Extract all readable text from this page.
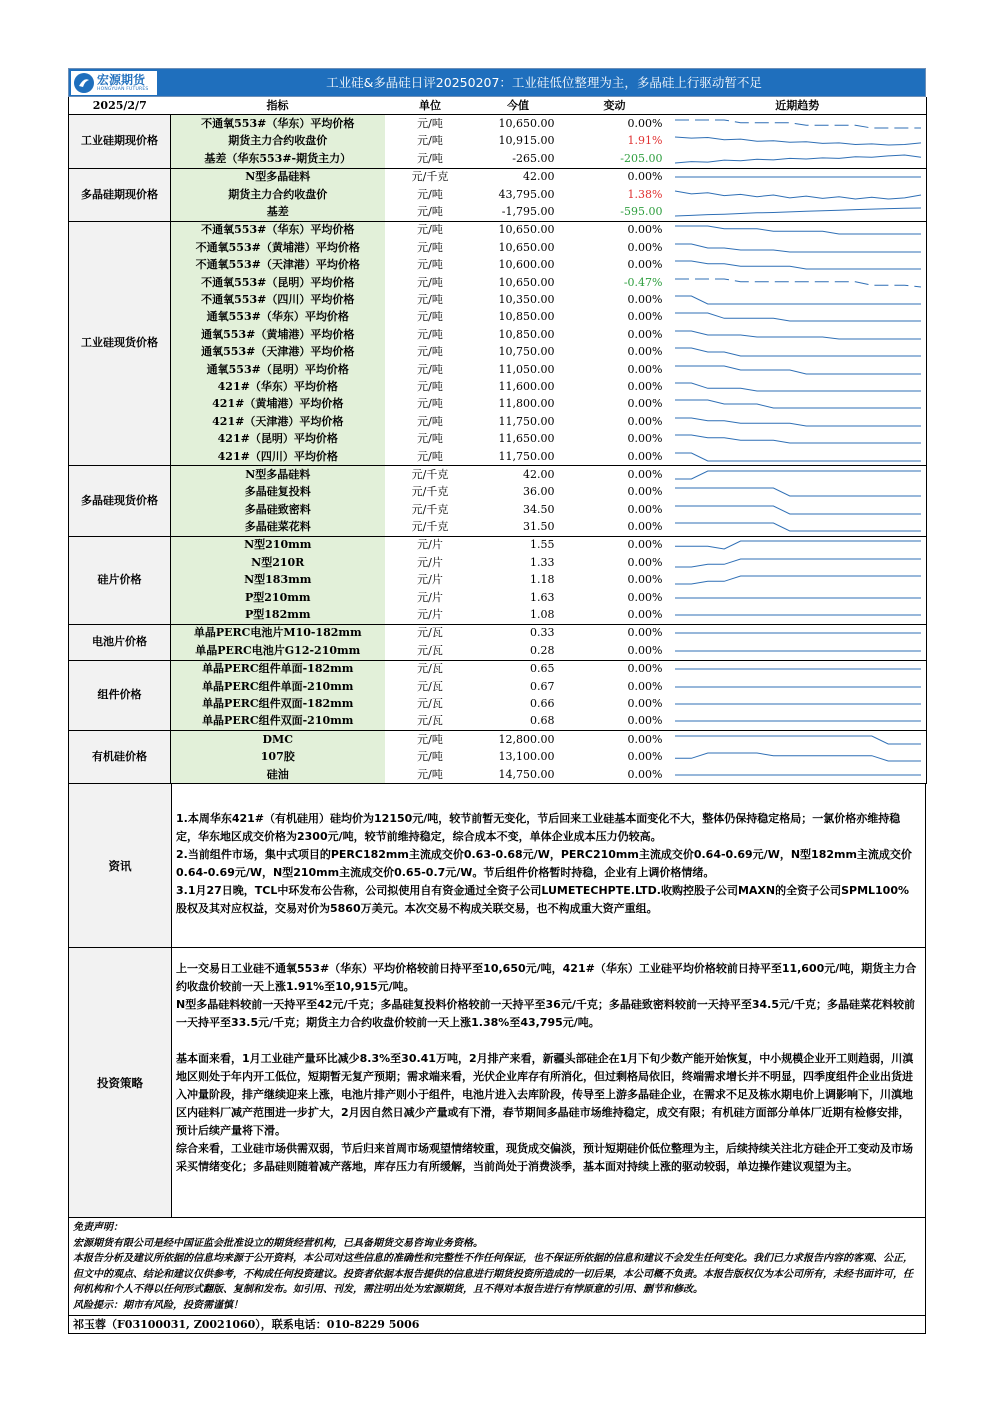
宏源期货
HONGYUAN FUTURES	工业硅&多晶硅日评20250207：工业硅低位整理为主，多晶硅上行驱动暂不足
2025/2/7	指标	单位	今值	变动	近期趋势
工业硅期现价格	不通氧553#（华东）平均价格	元/吨	10,650.00	0.00%	

	期货主力合约收盘价	元/吨	10,915.00	1.91%	

	基差（华东553#-期货主力）	元/吨	-265.00	-205.00	

多晶硅期现价格	N型多晶硅料	元/千克	42.00	0.00%	

	期货主力合约收盘价	元/吨	43,795.00	1.38%	

	基差	元/吨	-1,795.00	-595.00	

工业硅现货价格	不通氧553#（华东）平均价格	元/吨	10,650.00	0.00%	

	不通氧553#（黄埔港）平均价格	元/吨	10,650.00	0.00%	

	不通氧553#（天津港）平均价格	元/吨	10,600.00	0.00%	

	不通氧553#（昆明）平均价格	元/吨	10,650.00	-0.47%	

	不通氧553#（四川）平均价格	元/吨	10,350.00	0.00%	

	通氧553#（华东）平均价格	元/吨	10,850.00	0.00%	

	通氧553#（黄埔港）平均价格	元/吨	10,850.00	0.00%	

	通氧553#（天津港）平均价格	元/吨	10,750.00	0.00%	

	通氧553#（昆明）平均价格	元/吨	11,050.00	0.00%	

	421#（华东）平均价格	元/吨	11,600.00	0.00%	

	421#（黄埔港）平均价格	元/吨	11,800.00	0.00%	

	421#（天津港）平均价格	元/吨	11,750.00	0.00%	

	421#（昆明）平均价格	元/吨	11,650.00	0.00%	

	421#（四川）平均价格	元/吨	11,750.00	0.00%	

多晶硅现货价格	N型多晶硅料	元/千克	42.00	0.00%	

	多晶硅复投料	元/千克	36.00	0.00%	

	多晶硅致密料	元/千克	34.50	0.00%	

	多晶硅菜花料	元/千克	31.50	0.00%	

硅片价格	N型210mm	元/片	1.55	0.00%	

	N型210R	元/片	1.33	0.00%	

	N型183mm	元/片	1.18	0.00%	

	P型210mm	元/片	1.63	0.00%	

	P型182mm	元/片	1.08	0.00%	

电池片价格	单晶PERC电池片M10-182mm	元/瓦	0.33	0.00%	

	单晶PERC电池片G12-210mm	元/瓦	0.28	0.00%	

组件价格	单晶PERC组件单面-182mm	元/瓦	0.65	0.00%	

	单晶PERC组件单面-210mm	元/瓦	0.67	0.00%	

	单晶PERC组件双面-182mm	元/瓦	0.66	0.00%	

	单晶PERC组件双面-210mm	元/瓦	0.68	0.00%	

有机硅价格	DMC	元/吨	12,800.00	0.00%	

	107胶	元/吨	13,100.00	0.00%	

	硅油	元/吨	14,750.00	0.00%	
资讯

1.本周华东421#（有机硅用）硅均价为12150元/吨，较节前暂无变化，节后回来工业硅基本面变化不大，整体仍保持稳定格局；一氯价格亦维持稳定，华东地区成交价格为2300元/吨，较节前维持稳定，综合成本不变，单体企业成本压力仍较高。

2.当前组件市场，集中式项目的PERC182mm主流成交价0.63-0.68元/W，PERC210mm主流成交价0.64-0.69元/W，N型182mm主流成交价0.64-0.69元/W，N型210mm主流成交价0.65-0.7元/W。节后组件价格暂时持稳，企业有上调价格情绪。

3.1月27日晚，TCL中环发布公告称，公司拟使用自有资金通过全资子公司LUMETECHPTE.LTD.收购控股子公司MAXN的全资子公司SPML100%股权及其对应权益，交易对价为5860万美元。本次交易不构成关联交易，也不构成重大资产重组。

投资策略

上一交易日工业硅不通氧553#（华东）平均价格较前日持平至10,650元/吨，421#（华东）工业硅平均价格较前日持平至11,600元/吨，期货主力合约收盘价较前一天上涨1.91%至10,915元/吨。

N型多晶硅料较前一天持平至42元/千克；多晶硅复投料价格较前一天持平至36元/千克；多晶硅致密料较前一天持平至34.5元/千克；多晶硅菜花料较前一天持平至33.5元/千克；期货主力合约收盘价较前一天上涨1.38%至43,795元/吨。

基本面来看，1月工业硅产量环比减少8.3%至30.41万吨，2月排产来看，新疆头部硅企在1月下旬少数产能开始恢复，中小规模企业开工则趋弱，川滇地区则处于年内开工低位，短期暂无复产预期；需求端来看，光伏企业库存有所消化，但过剩格局依旧，终端需求增长并不明显，四季度组件企业出货进入冲量阶段，排产继续迎来上涨，电池片排产则小于组件，电池片进入去库阶段，传导至上游多晶硅企业，在需求不足及栋水期电价上调影响下，川滇地区内硅料厂减产范围进一步扩大，2月因自然日减少产量或有下滑，春节期间多晶硅市场维持稳定，成交有限；有机硅方面部分单体厂近期有检修安排，预计后续产量将下滑。

综合来看，工业硅市场供需双弱，节后归来首周市场观望情绪较重，现货成交偏淡，预计短期硅价低位整理为主，后续持续关注北方硅企开工变动及市场采买情绪变化；多晶硅则随着减产落地，库存压力有所缓解，当前尚处于消费淡季，基本面对持续上涨的驱动较弱，单边操作建议观望为主。

免责声明：

宏源期货有限公司是经中国证监会批准设立的期货经营机构，已具备期货交易咨询业务资格。

本报告分析及建议所依据的信息均来源于公开资料，本公司对这些信息的准确性和完整性不作任何保证，也不保证所依据的信息和建议不会发生任何变化。我们已力求报告内容的客观、公正，但文中的观点、结论和建议仅供参考，不构成任何投资建议。投资者依据本报告提供的信息进行期货投资所造成的一切后果，本公司概不负责。本报告版权仅为本公司所有，未经书面许可，任何机构和个人不得以任何形式翻版、复制和发布。如引用、刊发，需注明出处为宏源期货，且不得对本报告进行有悖原意的引用、删节和修改。

风险提示：期市有风险，投资需谨慎！

祁玉蓉（F03100031, Z0021060），联系电话：010-8229 5006
